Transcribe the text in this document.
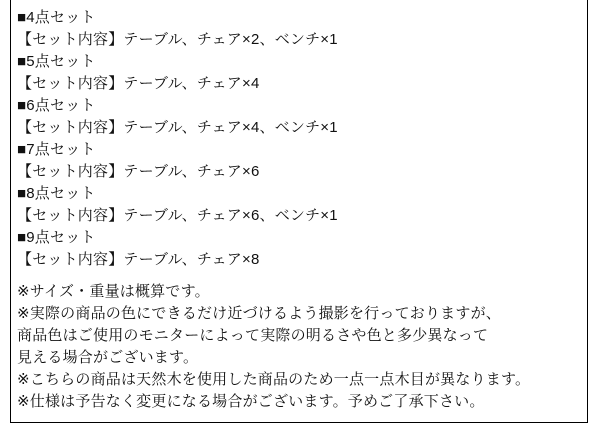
■4点セット
【セット内容】テーブル、チェア×2、ベンチ×1
■5点セット
【セット内容】テーブル、チェア×4
■6点セット
【セット内容】テーブル、チェア×4、ベンチ×1
■7点セット
【セット内容】テーブル、チェア×6
■8点セット
【セット内容】テーブル、チェア×6、ベンチ×1
■9点セット
【セット内容】テーブル、チェア×8
※サイズ・重量は概算です。
※実際の商品の色にできるだけ近づけるよう撮影を行っておりますが、
商品色はご使用のモニターによって実際の明るさや色と多少異なって
見える場合がございます。
※こちらの商品は天然木を使用した商品のため一点一点木目が異なります。
※仕様は予告なく変更になる場合がございます。予めご了承下さい。
